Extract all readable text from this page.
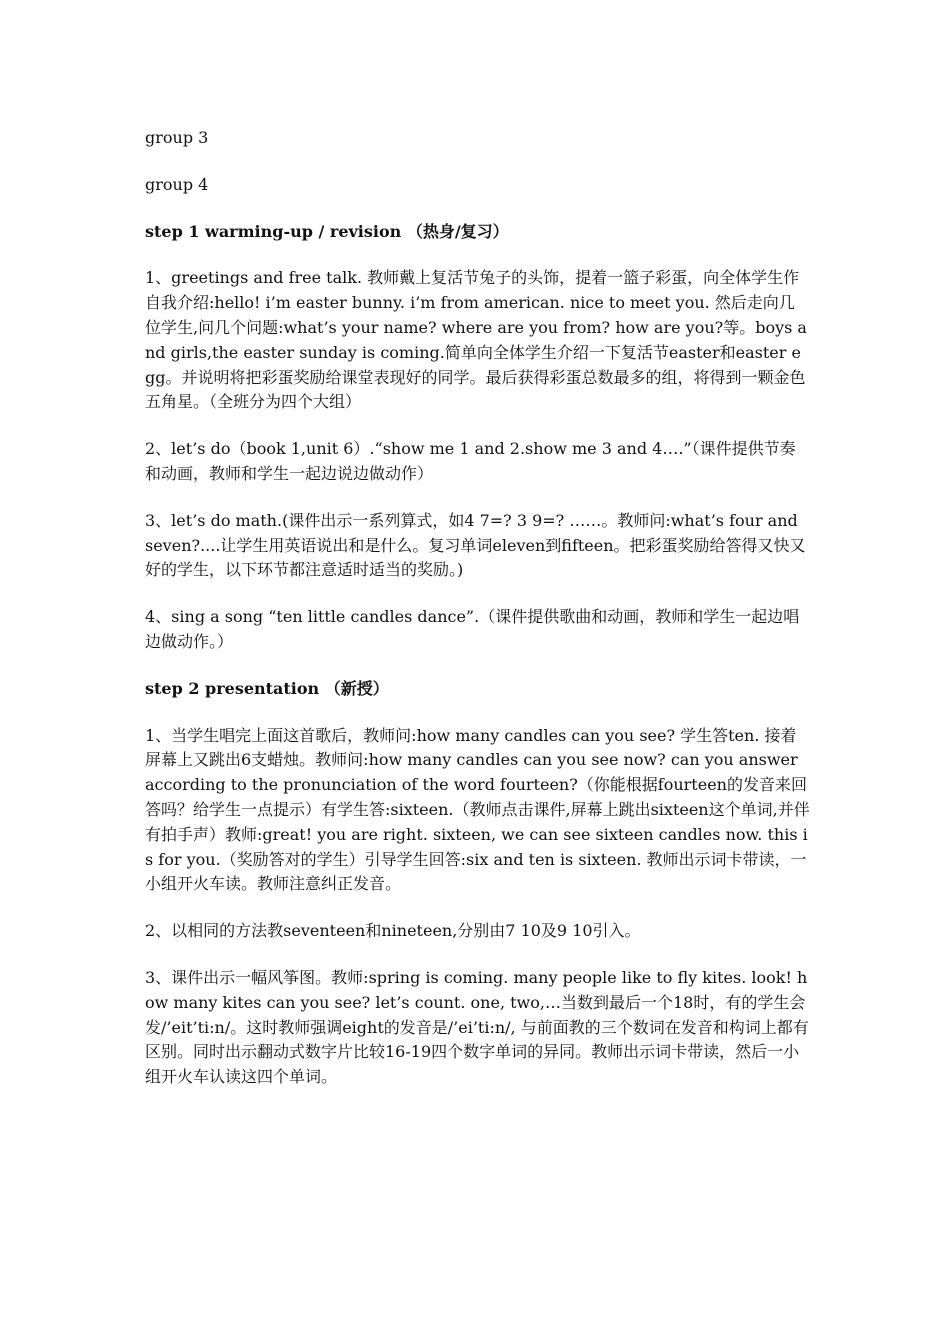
group 3

group 4

step 1 warming-up / revision （热身/复习）

1、greetings and free talk. 教师戴上复活节兔子的头饰，提着一篮子彩蛋，向全体学生作自我介绍:hello! i’m easter bunny. i’m from american. nice to meet you. 然后走向几位学生,问几个问题:what’s your name? where are you from? how are you?等。boys and girls,the easter sunday is coming.简单向全体学生介绍一下复活节easter和easter egg。并说明将把彩蛋奖励给课堂表现好的同学。最后获得彩蛋总数最多的组，将得到一颗金色五角星。（全班分为四个大组）

2、let’s do（book 1,unit 6）.“show me 1 and 2.show me 3 and 4….”（课件提供节奏和动画，教师和学生一起边说边做动作）

3、let’s do math.(课件出示一系列算式，如4 7=? 3 9=? ……。教师问:what’s four and seven?....让学生用英语说出和是什么。复习单词eleven到fifteen。把彩蛋奖励给答得又快又好的学生，以下环节都注意适时适当的奖励。)

4、sing a song “ten little candles dance”.（课件提供歌曲和动画，教师和学生一起边唱边做动作。）

step 2 presentation （新授）

1、当学生唱完上面这首歌后，教师问:how many candles can you see? 学生答ten. 接着屏幕上又跳出6支蜡烛。教师问:how many candles can you see now? can you answer according to the pronunciation of the word fourteen?（你能根据fourteen的发音来回答吗？给学生一点提示）有学生答:sixteen.（教师点击课件,屏幕上跳出sixteen这个单词,并伴有拍手声）教师:great! you are right. sixteen, we can see sixteen candles now. this is for you.（奖励答对的学生）引导学生回答:six and ten is sixteen. 教师出示词卡带读，一小组开火车读。教师注意纠正发音。

2、以相同的方法教seventeen和nineteen,分别由7 10及9 10引入。

3、课件出示一幅风筝图。教师:spring is coming. many people like to fly kites. look! how many kites can you see? let’s count. one, two,…当数到最后一个18时，有的学生会发/’eit’ti:n/。这时教师强调eight的发音是/’ei’ti:n/, 与前面教的三个数词在发音和构词上都有区别。同时出示翻动式数字片比较16-19四个数字单词的异同。教师出示词卡带读，然后一小组开火车认读这四个单词。
